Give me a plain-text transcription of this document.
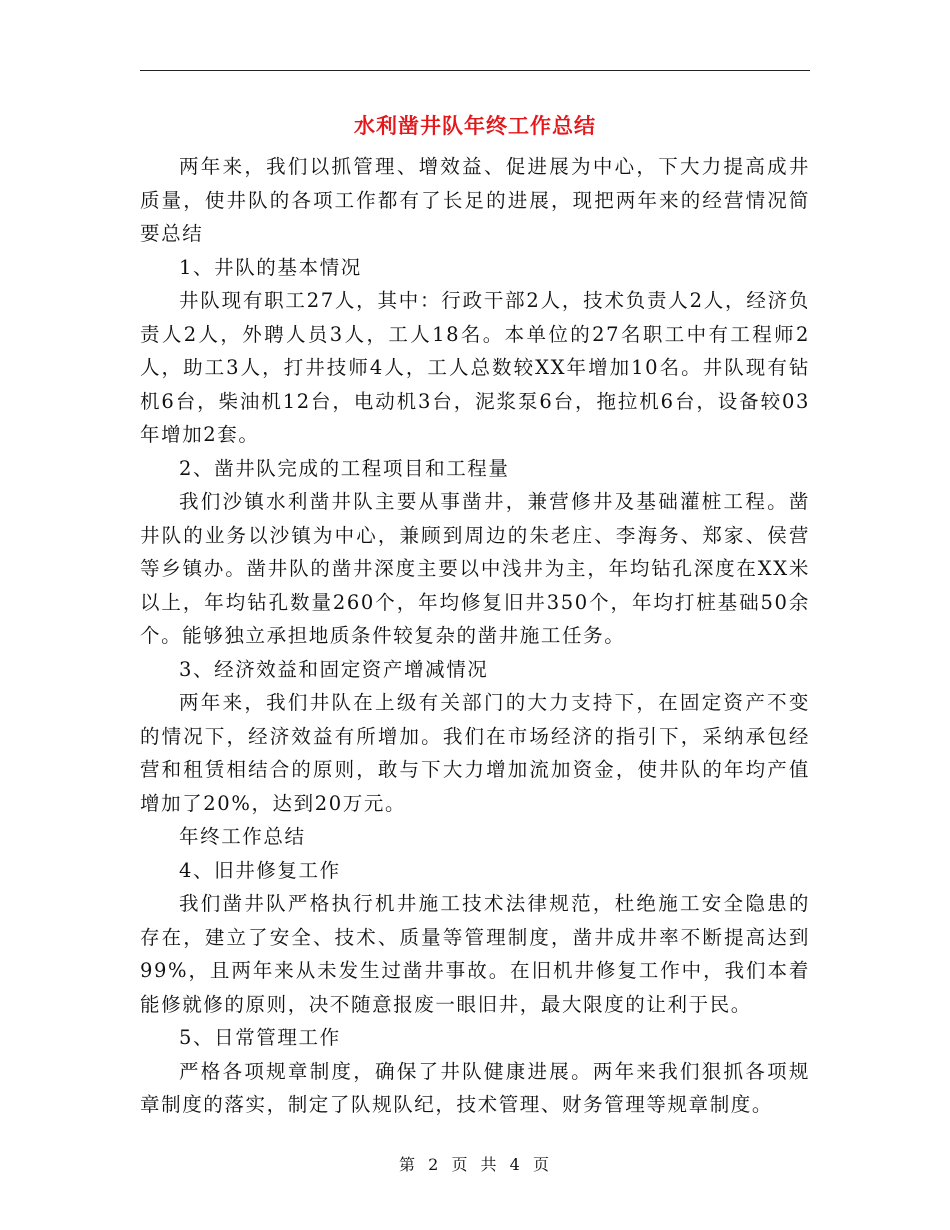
水利凿井队年终工作总结

两年来，我们以抓管理、增效益、促进展为中心，下大力提高成井质量，使井队的各项工作都有了长足的进展，现把两年来的经营情况简要总结

1、井队的基本情况

井队现有职工27人，其中：行政干部2人，技术负责人2人，经济负责人2人，外聘人员3人，工人18名。本单位的27名职工中有工程师2人，助工3人，打井技师4人，工人总数较XX年增加10名。井队现有钻机6台，柴油机12台，电动机3台，泥浆泵6台，拖拉机6台，设备较03年增加2套。

2、凿井队完成的工程项目和工程量

我们沙镇水利凿井队主要从事凿井，兼营修井及基础灌桩工程。凿井队的业务以沙镇为中心，兼顾到周边的朱老庄、李海务、郑家、侯营等乡镇办。凿井队的凿井深度主要以中浅井为主，年均钻孔深度在XX米以上，年均钻孔数量260个，年均修复旧井350个，年均打桩基础50余个。能够独立承担地质条件较复杂的凿井施工任务。

3、经济效益和固定资产增减情况

两年来，我们井队在上级有关部门的大力支持下，在固定资产不变的情况下，经济效益有所增加。我们在市场经济的指引下，采纳承包经营和租赁相结合的原则，敢与下大力增加流加资金，使井队的年均产值增加了20%，达到20万元。

年终工作总结

4、旧井修复工作

我们凿井队严格执行机井施工技术法律规范，杜绝施工安全隐患的存在，建立了安全、技术、质量等管理制度，凿井成井率不断提高达到99%，且两年来从未发生过凿井事故。在旧机井修复工作中，我们本着能修就修的原则，决不随意报废一眼旧井，最大限度的让利于民。

5、日常管理工作

严格各项规章制度，确保了井队健康进展。两年来我们狠抓各项规章制度的落实，制定了队规队纪，技术管理、财务管理等规章制度。

第 2 页 共 4 页
